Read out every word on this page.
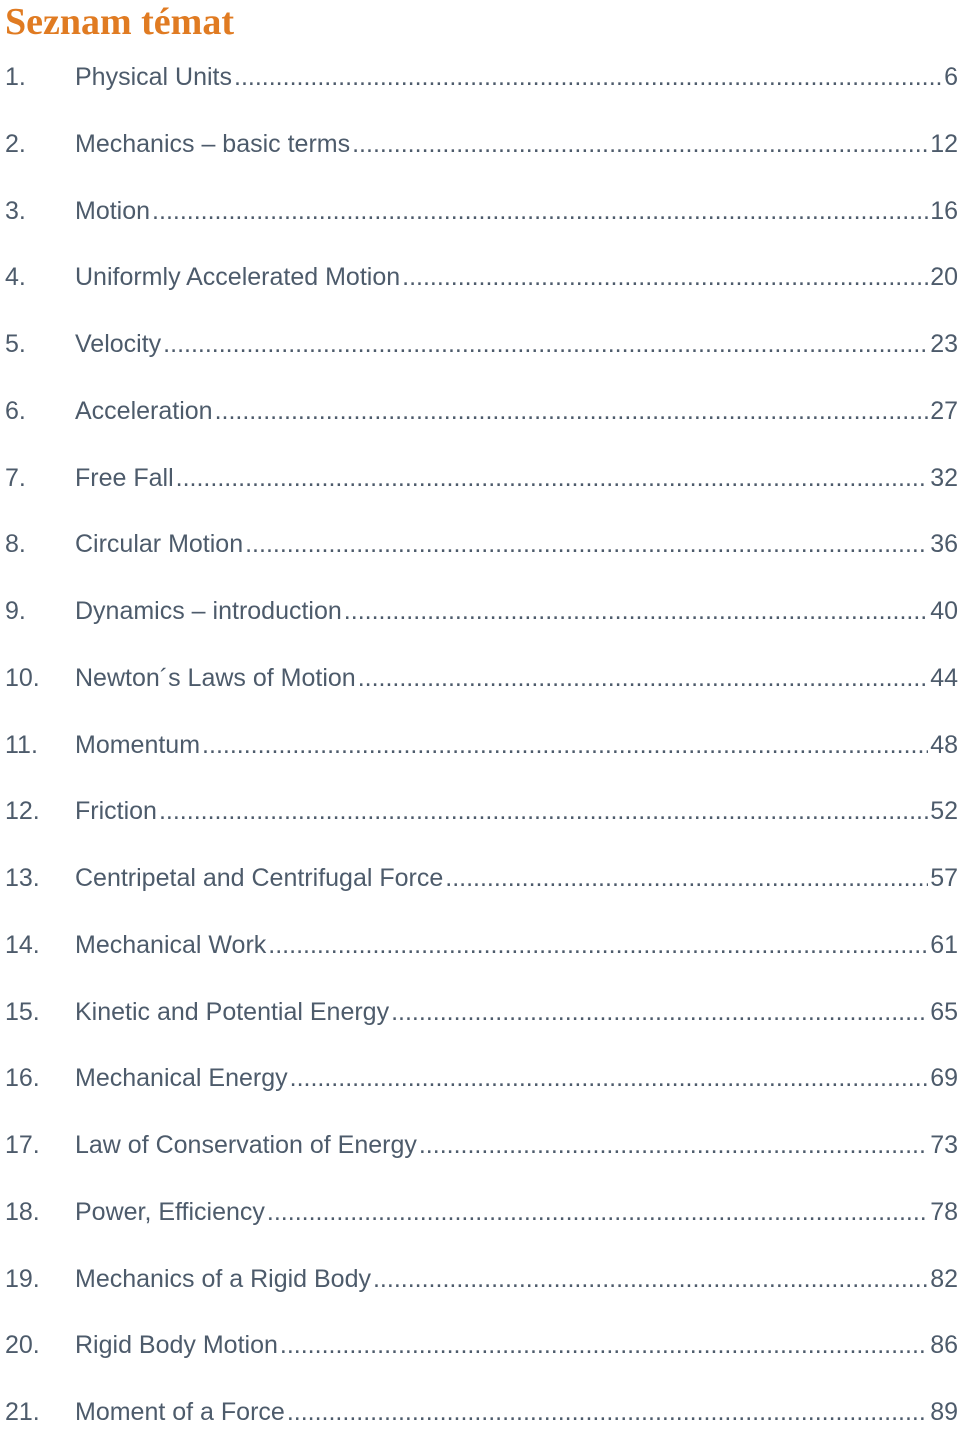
Seznam témat
1.	Physical Units .....	6
2.	Mechanics – basic terms .....	12
3.	Motion .....	16
4.	Uniformly Accelerated Motion .....	20
5.	Velocity .....	23
6.	Acceleration .....	27
7.	Free Fall .....	32
8.	Circular Motion .....	36
9.	Dynamics – introduction .....	40
10.	Newton´s Laws of Motion .....	44
11.	Momentum .....	48
12.	Friction .....	52
13.	Centripetal and Centrifugal Force .....	57
14.	Mechanical Work .....	61
15.	Kinetic and Potential Energy .....	65
16.	Mechanical Energy .....	69
17.	Law of Conservation of Energy .....	73
18.	Power, Efficiency .....	78
19.	Mechanics of a Rigid Body .....	82
20.	Rigid Body Motion .....	86
21.	Moment of a Force .....	89
